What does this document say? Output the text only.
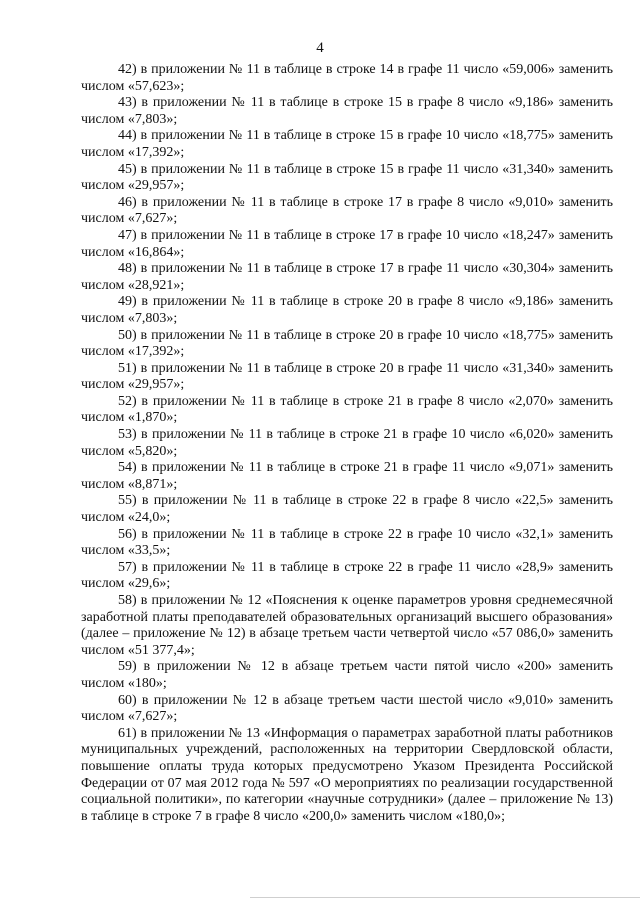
4

42) в приложении № 11 в таблице в строке 14 в графе 11 число «59,006» заменить числом «57,623»;

43) в приложении № 11 в таблице в строке 15 в графе 8 число «9,186» заменить числом «7,803»;

44) в приложении № 11 в таблице в строке 15 в графе 10 число «18,775» заменить числом «17,392»;

45) в приложении № 11 в таблице в строке 15 в графе 11 число «31,340» заменить числом «29,957»;

46) в приложении № 11 в таблице в строке 17 в графе 8 число «9,010» заменить числом «7,627»;

47) в приложении № 11 в таблице в строке 17 в графе 10 число «18,247» заменить числом «16,864»;

48) в приложении № 11 в таблице в строке 17 в графе 11 число «30,304» заменить числом «28,921»;

49) в приложении № 11 в таблице в строке 20 в графе 8 число «9,186» заменить числом «7,803»;

50) в приложении № 11 в таблице в строке 20 в графе 10 число «18,775» заменить числом «17,392»;

51) в приложении № 11 в таблице в строке 20 в графе 11 число «31,340» заменить числом «29,957»;

52) в приложении № 11 в таблице в строке 21 в графе 8 число «2,070» заменить числом «1,870»;

53) в приложении № 11 в таблице в строке 21 в графе 10 число «6,020» заменить числом «5,820»;

54) в приложении № 11 в таблице в строке 21 в графе 11 число «9,071» заменить числом «8,871»;

55) в приложении № 11 в таблице в строке 22 в графе 8 число «22,5» заменить числом «24,0»;

56) в приложении № 11 в таблице в строке 22 в графе 10 число «32,1» заменить числом «33,5»;

57) в приложении № 11 в таблице в строке 22 в графе 11 число «28,9» заменить числом «29,6»;

58) в приложении № 12 «Пояснения к оценке параметров уровня среднемесячной заработной платы преподавателей образовательных организаций высшего образования» (далее – приложение № 12) в абзаце третьем части четвертой число «57 086,0» заменить числом «51 377,4»;

59) в приложении № 12 в абзаце третьем части пятой число «200» заменить числом «180»;

60) в приложении № 12 в абзаце третьем части шестой число «9,010» заменить числом «7,627»;

61) в приложении № 13 «Информация о параметрах заработной платы работников муниципальных учреждений, расположенных на территории Свердловской области, повышение оплаты труда которых предусмотрено Указом Президента Российской Федерации от 07 мая 2012 года № 597 «О мероприятиях по реализации государственной социальной политики», по категории «научные сотрудники» (далее – приложение № 13) в таблице в строке 7 в графе 8 число «200,0» заменить числом «180,0»;
